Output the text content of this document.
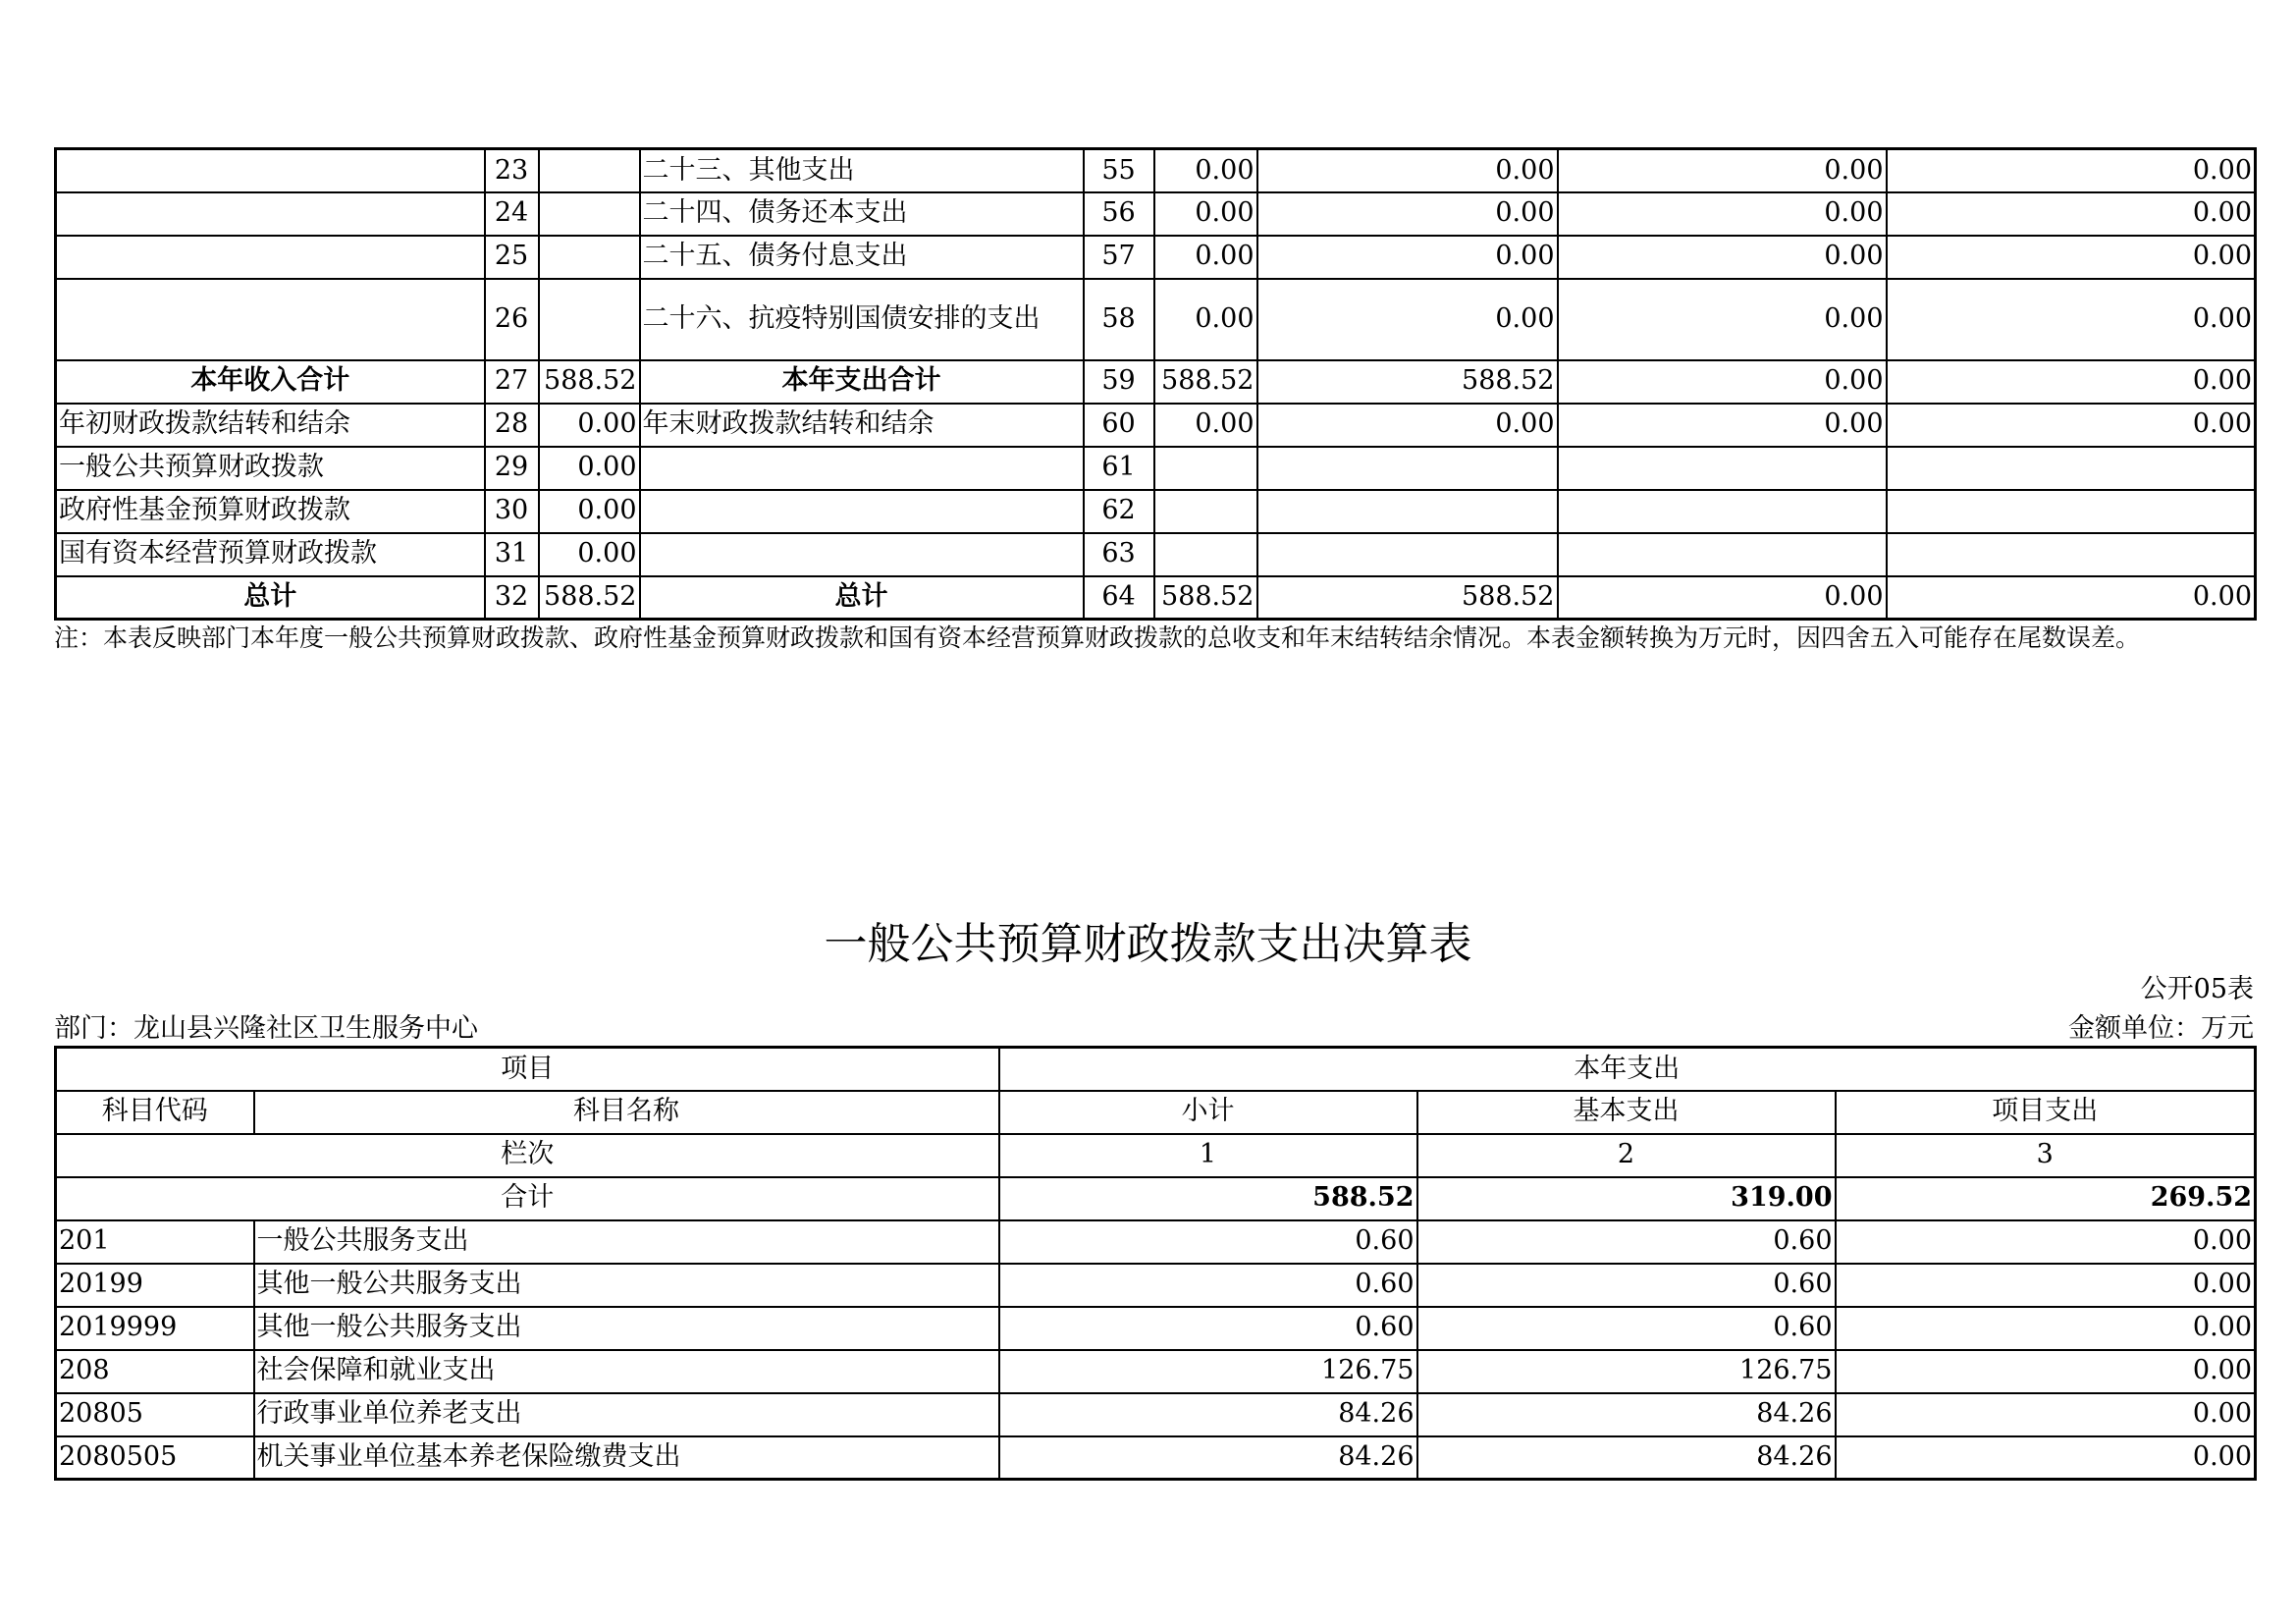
	23		二十三、其他支出	55	0.00	0.00	0.00	0.00
	24		二十四、债务还本支出	56	0.00	0.00	0.00	0.00
	25		二十五、债务付息支出	57	0.00	0.00	0.00	0.00
	26		二十六、抗疫特别国债安排的支出	58	0.00	0.00	0.00	0.00
本年收入合计	27	588.52	本年支出合计	59	588.52	588.52	0.00	0.00
年初财政拨款结转和结余	28	0.00	年末财政拨款结转和结余	60	0.00	0.00	0.00	0.00
一般公共预算财政拨款	29	0.00		61				
政府性基金预算财政拨款	30	0.00		62				
国有资本经营预算财政拨款	31	0.00		63				
总计	32	588.52	总计	64	588.52	588.52	0.00	0.00

注：本表反映部门本年度一般公共预算财政拨款、政府性基金预算财政拨款和国有资本经营预算财政拨款的总收支和年末结转结余情况。本表金额转换为万元时，因四舍五入可能存在尾数误差。

一般公共预算财政拨款支出决算表
公开05表
部门：龙山县兴隆社区卫生服务中心	金额单位：万元
项目		本年支出		
科目代码	科目名称	小计	基本支出	项目支出
栏次		1	2	3
合计		588.52	319.00	269.52
201	一般公共服务支出	0.60	0.60	0.00
20199	其他一般公共服务支出	0.60	0.60	0.00
2019999	其他一般公共服务支出	0.60	0.60	0.00
208	社会保障和就业支出	126.75	126.75	0.00
20805	行政事业单位养老支出	84.26	84.26	0.00
2080505	机关事业单位基本养老保险缴费支出	84.26	84.26	0.00
